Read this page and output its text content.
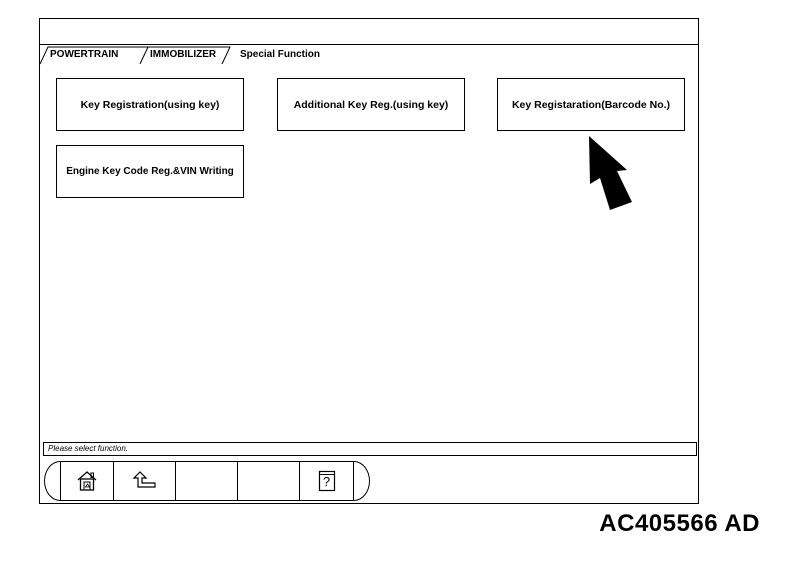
POWERTRAIN	IMMOBILIZER Special Function
Key Registration(using key)	Additional Key Reg.(using key)	Key Registaration(Barcode No.)
Engine Key Code Reg.&VIN Writing
Please select function.
?
AC405566 AD
